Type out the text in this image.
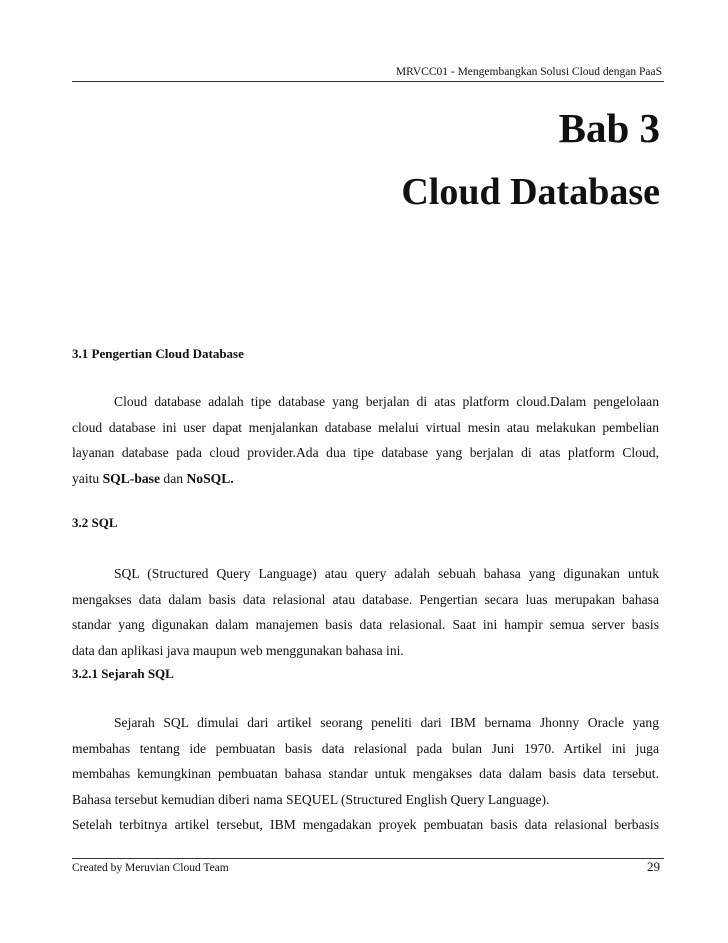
MRVCC01 - Mengembangkan Solusi Cloud dengan PaaS
Bab 3
Cloud Database
3.1 Pengertian Cloud Database
Cloud database adalah tipe database yang berjalan di atas platform cloud.Dalam pengelolaan
cloud database ini user dapat menjalankan database melalui virtual mesin atau melakukan pembelian
layanan database pada cloud provider.Ada dua tipe database yang berjalan di atas platform Cloud,
yaitu SQL-base dan NoSQL.
3.2 SQL
SQL (Structured Query Language) atau query adalah sebuah bahasa yang digunakan untuk
mengakses data dalam basis data relasional atau database. Pengertian secara luas merupakan bahasa
standar yang digunakan dalam manajemen basis data relasional. Saat ini hampir semua server basis
data dan aplikasi java maupun web menggunakan bahasa ini.
3.2.1 Sejarah SQL
Sejarah SQL dimulai dari artikel seorang peneliti dari IBM bernama Jhonny Oracle yang
membahas tentang ide pembuatan basis data relasional pada bulan Juni 1970. Artikel ini juga
membahas kemungkinan pembuatan bahasa standar untuk mengakses data dalam basis data tersebut.
Bahasa tersebut kemudian diberi nama SEQUEL (Structured English Query Language).
Setelah terbitnya artikel tersebut, IBM mengadakan proyek pembuatan basis data relasional berbasis
Created by Meruvian Cloud Team	29
